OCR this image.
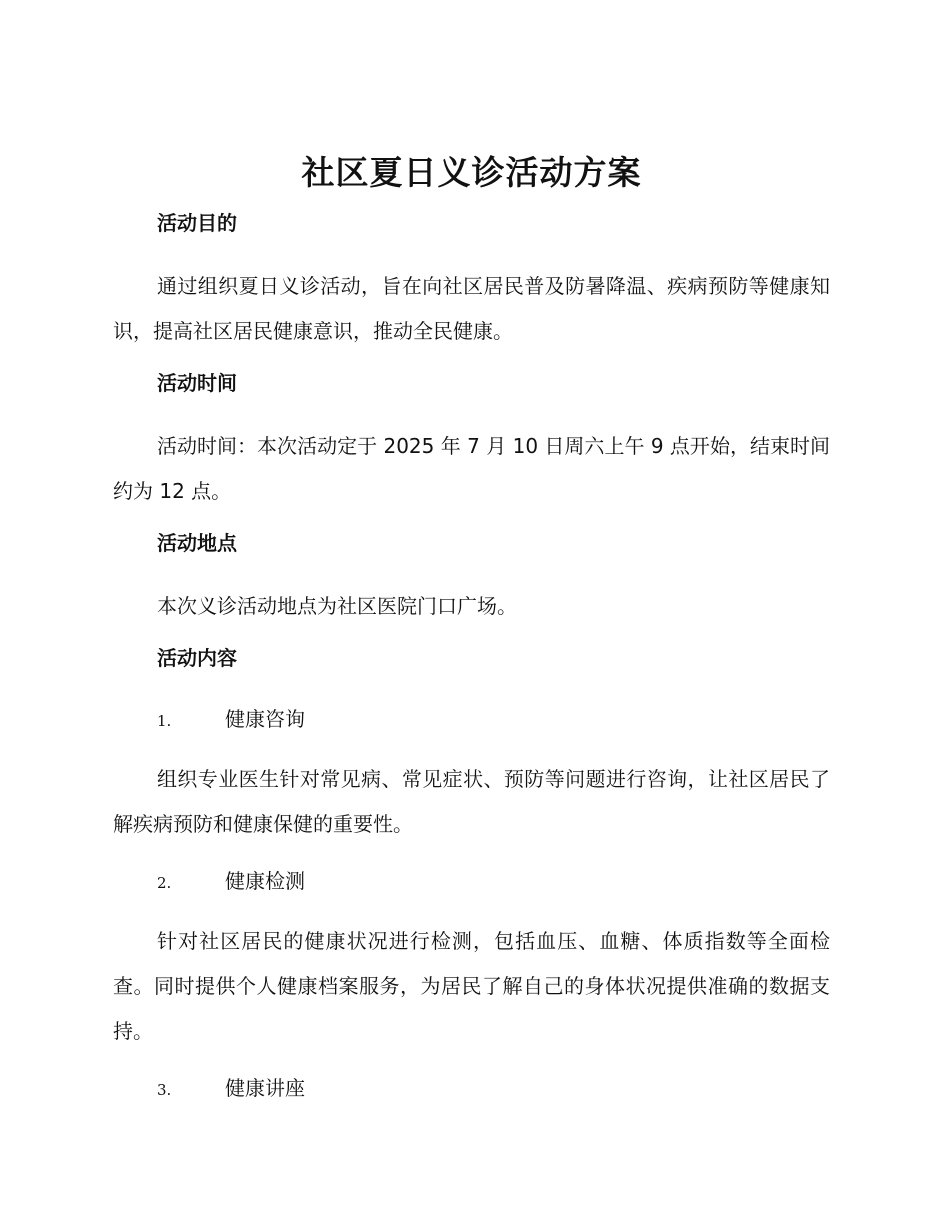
社区夏日义诊活动方案
活动目的
通过组织夏日义诊活动，旨在向社区居民普及防暑降温、疾病预防等健康知识，提高社区居民健康意识，推动全民健康。
活动时间
活动时间：本次活动定于 2025 年 7 月 10 日周六上午 9 点开始，结束时间约为 12 点。
活动地点
本次义诊活动地点为社区医院门口广场。
活动内容
1.	健康咨询
组织专业医生针对常见病、常见症状、预防等问题进行咨询，让社区居民了解疾病预防和健康保健的重要性。
2.	健康检测
针对社区居民的健康状况进行检测，包括血压、血糖、体质指数等全面检查。同时提供个人健康档案服务，为居民了解自己的身体状况提供准确的数据支持。
3.	健康讲座
